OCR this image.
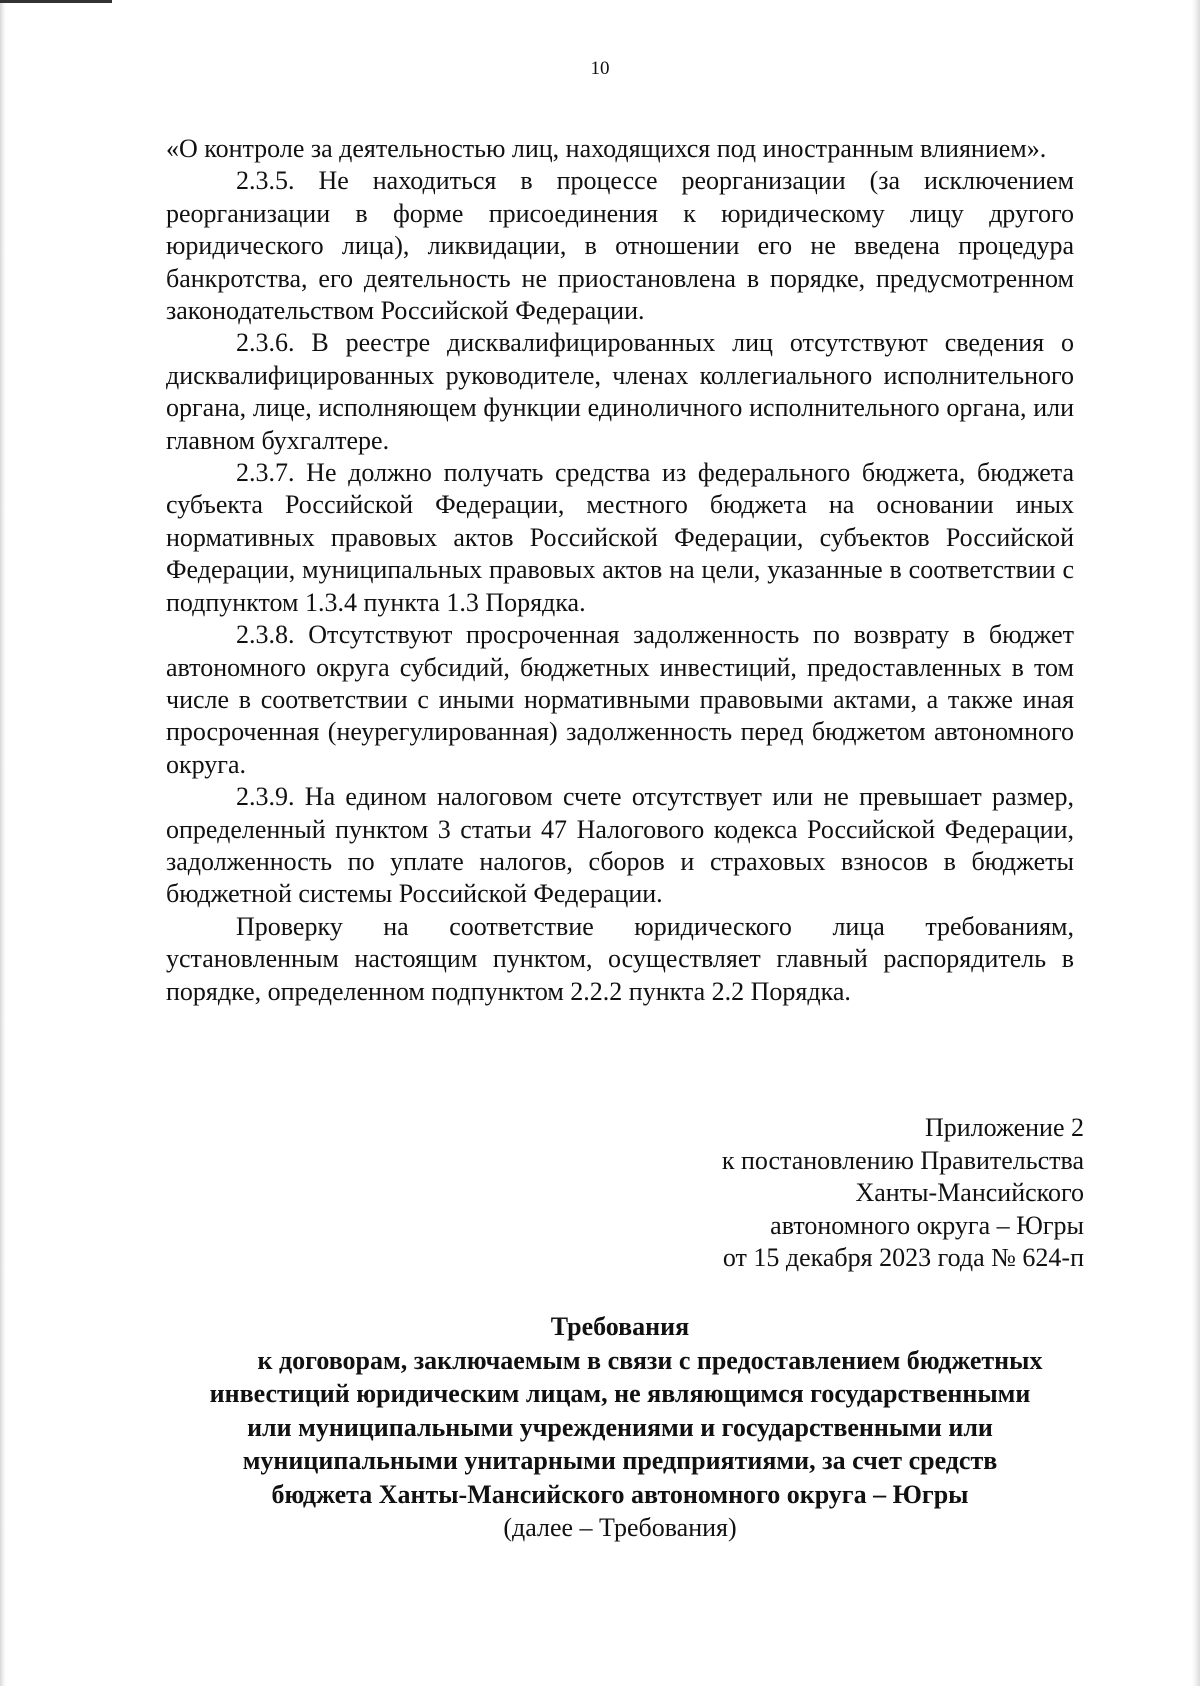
10

«О контроле за деятельностью лиц, находящихся под иностранным влиянием».

2.3.5. Не находиться в процессе реорганизации (за исключением реорганизации в форме присоединения к юридическому лицу другого юридического лица), ликвидации, в отношении его не введена процедура банкротства, его деятельность не приостановлена в порядке, предусмотренном законодательством Российской Федерации.

2.3.6. В реестре дисквалифицированных лиц отсутствуют сведения о дисквалифицированных руководителе, членах коллегиального исполнительного органа, лице, исполняющем функции единоличного исполнительного органа, или главном бухгалтере.

2.3.7. Не должно получать средства из федерального бюджета, бюджета субъекта Российской Федерации, местного бюджета на основании иных нормативных правовых актов Российской Федерации, субъектов Российской Федерации, муниципальных правовых актов на цели, указанные в соответствии с подпунктом 1.3.4 пункта 1.3 Порядка.

2.3.8. Отсутствуют просроченная задолженность по возврату в бюджет автономного округа субсидий, бюджетных инвестиций, предоставленных в том числе в соответствии с иными нормативными правовыми актами, а также иная просроченная (неурегулированная) задолженность перед бюджетом автономного округа.

2.3.9. На едином налоговом счете отсутствует или не превышает размер, определенный пунктом 3 статьи 47 Налогового кодекса Российской Федерации, задолженность по уплате налогов, сборов и страховых взносов в бюджеты бюджетной системы Российской Федерации.

Проверку на соответствие юридического лица требованиям, установленным настоящим пунктом, осуществляет главный распорядитель в порядке, определенном подпунктом 2.2.2 пункта 2.2 Порядка.

Приложение 2
к постановлению Правительства
Ханты-Мансийского
автономного округа – Югры
от 15 декабря 2023 года № 624-п
Требования
к договорам, заключаемым в связи с предоставлением бюджетных
инвестиций юридическим лицам, не являющимся государственными
или муниципальными учреждениями и государственными или
муниципальными унитарными предприятиями, за счет средств
бюджета Ханты-Мансийского автономного округа – Югры
(далее – Требования)
